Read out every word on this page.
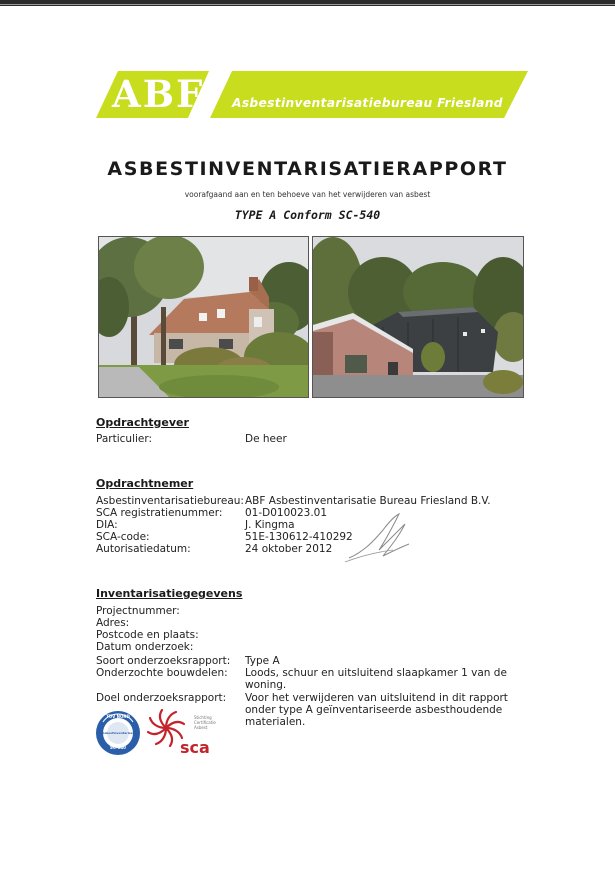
ABF Asbestinventarisatiebureau Friesland
ASBESTINVENTARISATIERAPPORT
voorafgaand aan en ten behoeve van het verwijderen van asbest
TYPE A Conform SC-540
Opdrachtgever
Particulier:	De heer
Opdrachtnemer
Asbestinventarisatiebureau: ABF Asbestinventarisatie Bureau Friesland B.V.
SCA registratienummer: 01-D010023.01
DIA:	J. Kingma
SCA-code:	51E-130612-410292
Autorisatiedatum:	24 oktober 2012
Inventarisatiegegevens
Projectnummer:
Adres:
Postcode en plaats:
Datum onderzoek:
Soort onderzoeksrapport: Type A
Onderzochte bouwdelen: Loods, schuur en uitsluitend slaapkamer 1 van de
woning.
Doel onderzoeksrapport: Voor het verwijderen van uitsluitend in dit rapport
onder type A geïnventariseerde asbesthoudende
materialen.
TÜV NORD
Asbestinventarisatie
SC-540
Stichting
Certificatie
Asbest
sca
